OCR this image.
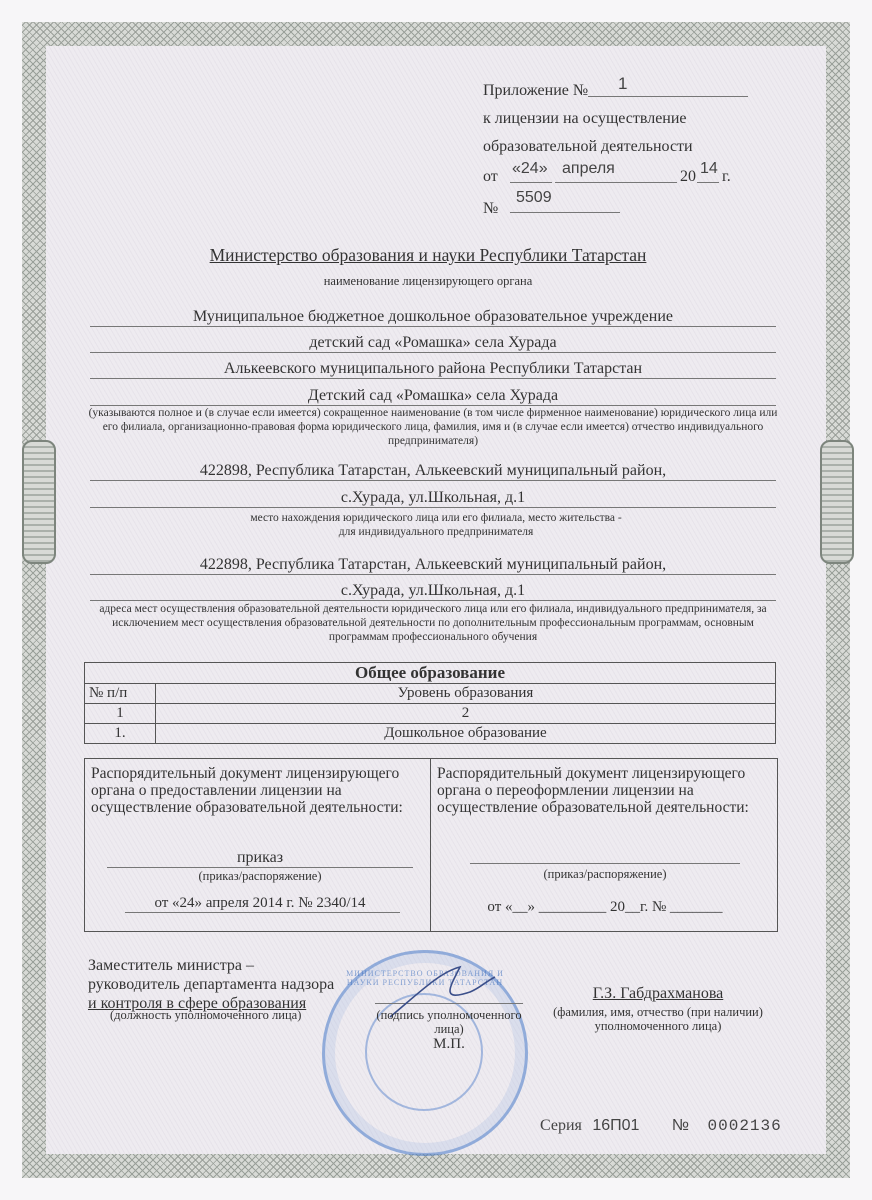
Приложение № 1
к лицензии на осуществление
образовательной деятельности
от «24» апреля	20 14 г.
№
5509
Министерство образования и науки Республики Татарстан
наименование лицензирующего органа
Муниципальное бюджетное дошкольное образовательное учреждение
детский сад «Ромашка» села Хурада
Алькеевского муниципального района Республики Татарстан
Детский сад «Ромашка» села Хурада
(указываются полное и (в случае если имеется) сокращенное наименование (в том числе фирменное наименование) юридического лица или его филиала, организационно-правовая форма юридического лица, фамилия, имя и (в случае если имеется) отчество индивидуального предпринимателя)
422898, Республика Татарстан, Алькеевский муниципальный район,
с.Хурада, ул.Школьная, д.1
место нахождения юридического лица или его филиала, место жительства - для индивидуального предпринимателя
422898, Республика Татарстан, Алькеевский муниципальный район,
с.Хурада, ул.Школьная, д.1
адреса мест осуществления образовательной деятельности юридического лица или его филиала, индивидуального предпринимателя, за исключением мест осуществления образовательной деятельности по дополнительным профессиональным программам, основным программам профессионального обучения
Общее образование	
№ п/п	Уровень образования
1	2
1.	Дошкольное образование
Распорядительный документ лицензирующего органа о предоставлении лицензии на осуществление образовательной деятельности:
приказ
(приказ/распоряжение)
от «24» апреля 2014 г. № 2340/14
Распорядительный документ лицензирующего органа о переоформлении лицензии на осуществление образовательной деятельности:
(приказ/распоряжение)
от «__» _________ 20__г. № _______
МИНИСТЕРСТВО ОБРАЗОВАНИЯ И НАУКИ РЕСПУБЛИКИ ТАТАРСТАН
Заместитель министра –
руководитель департамента надзора
и контроля в сфере образования
(должность уполномоченного лица)	(подпись уполномоченного лица)
М.П.
Г.З. Габдрахманова
(фамилия, имя, отчество (при наличии) уполномоченного лица)
Серия 16П01 № 0002136
